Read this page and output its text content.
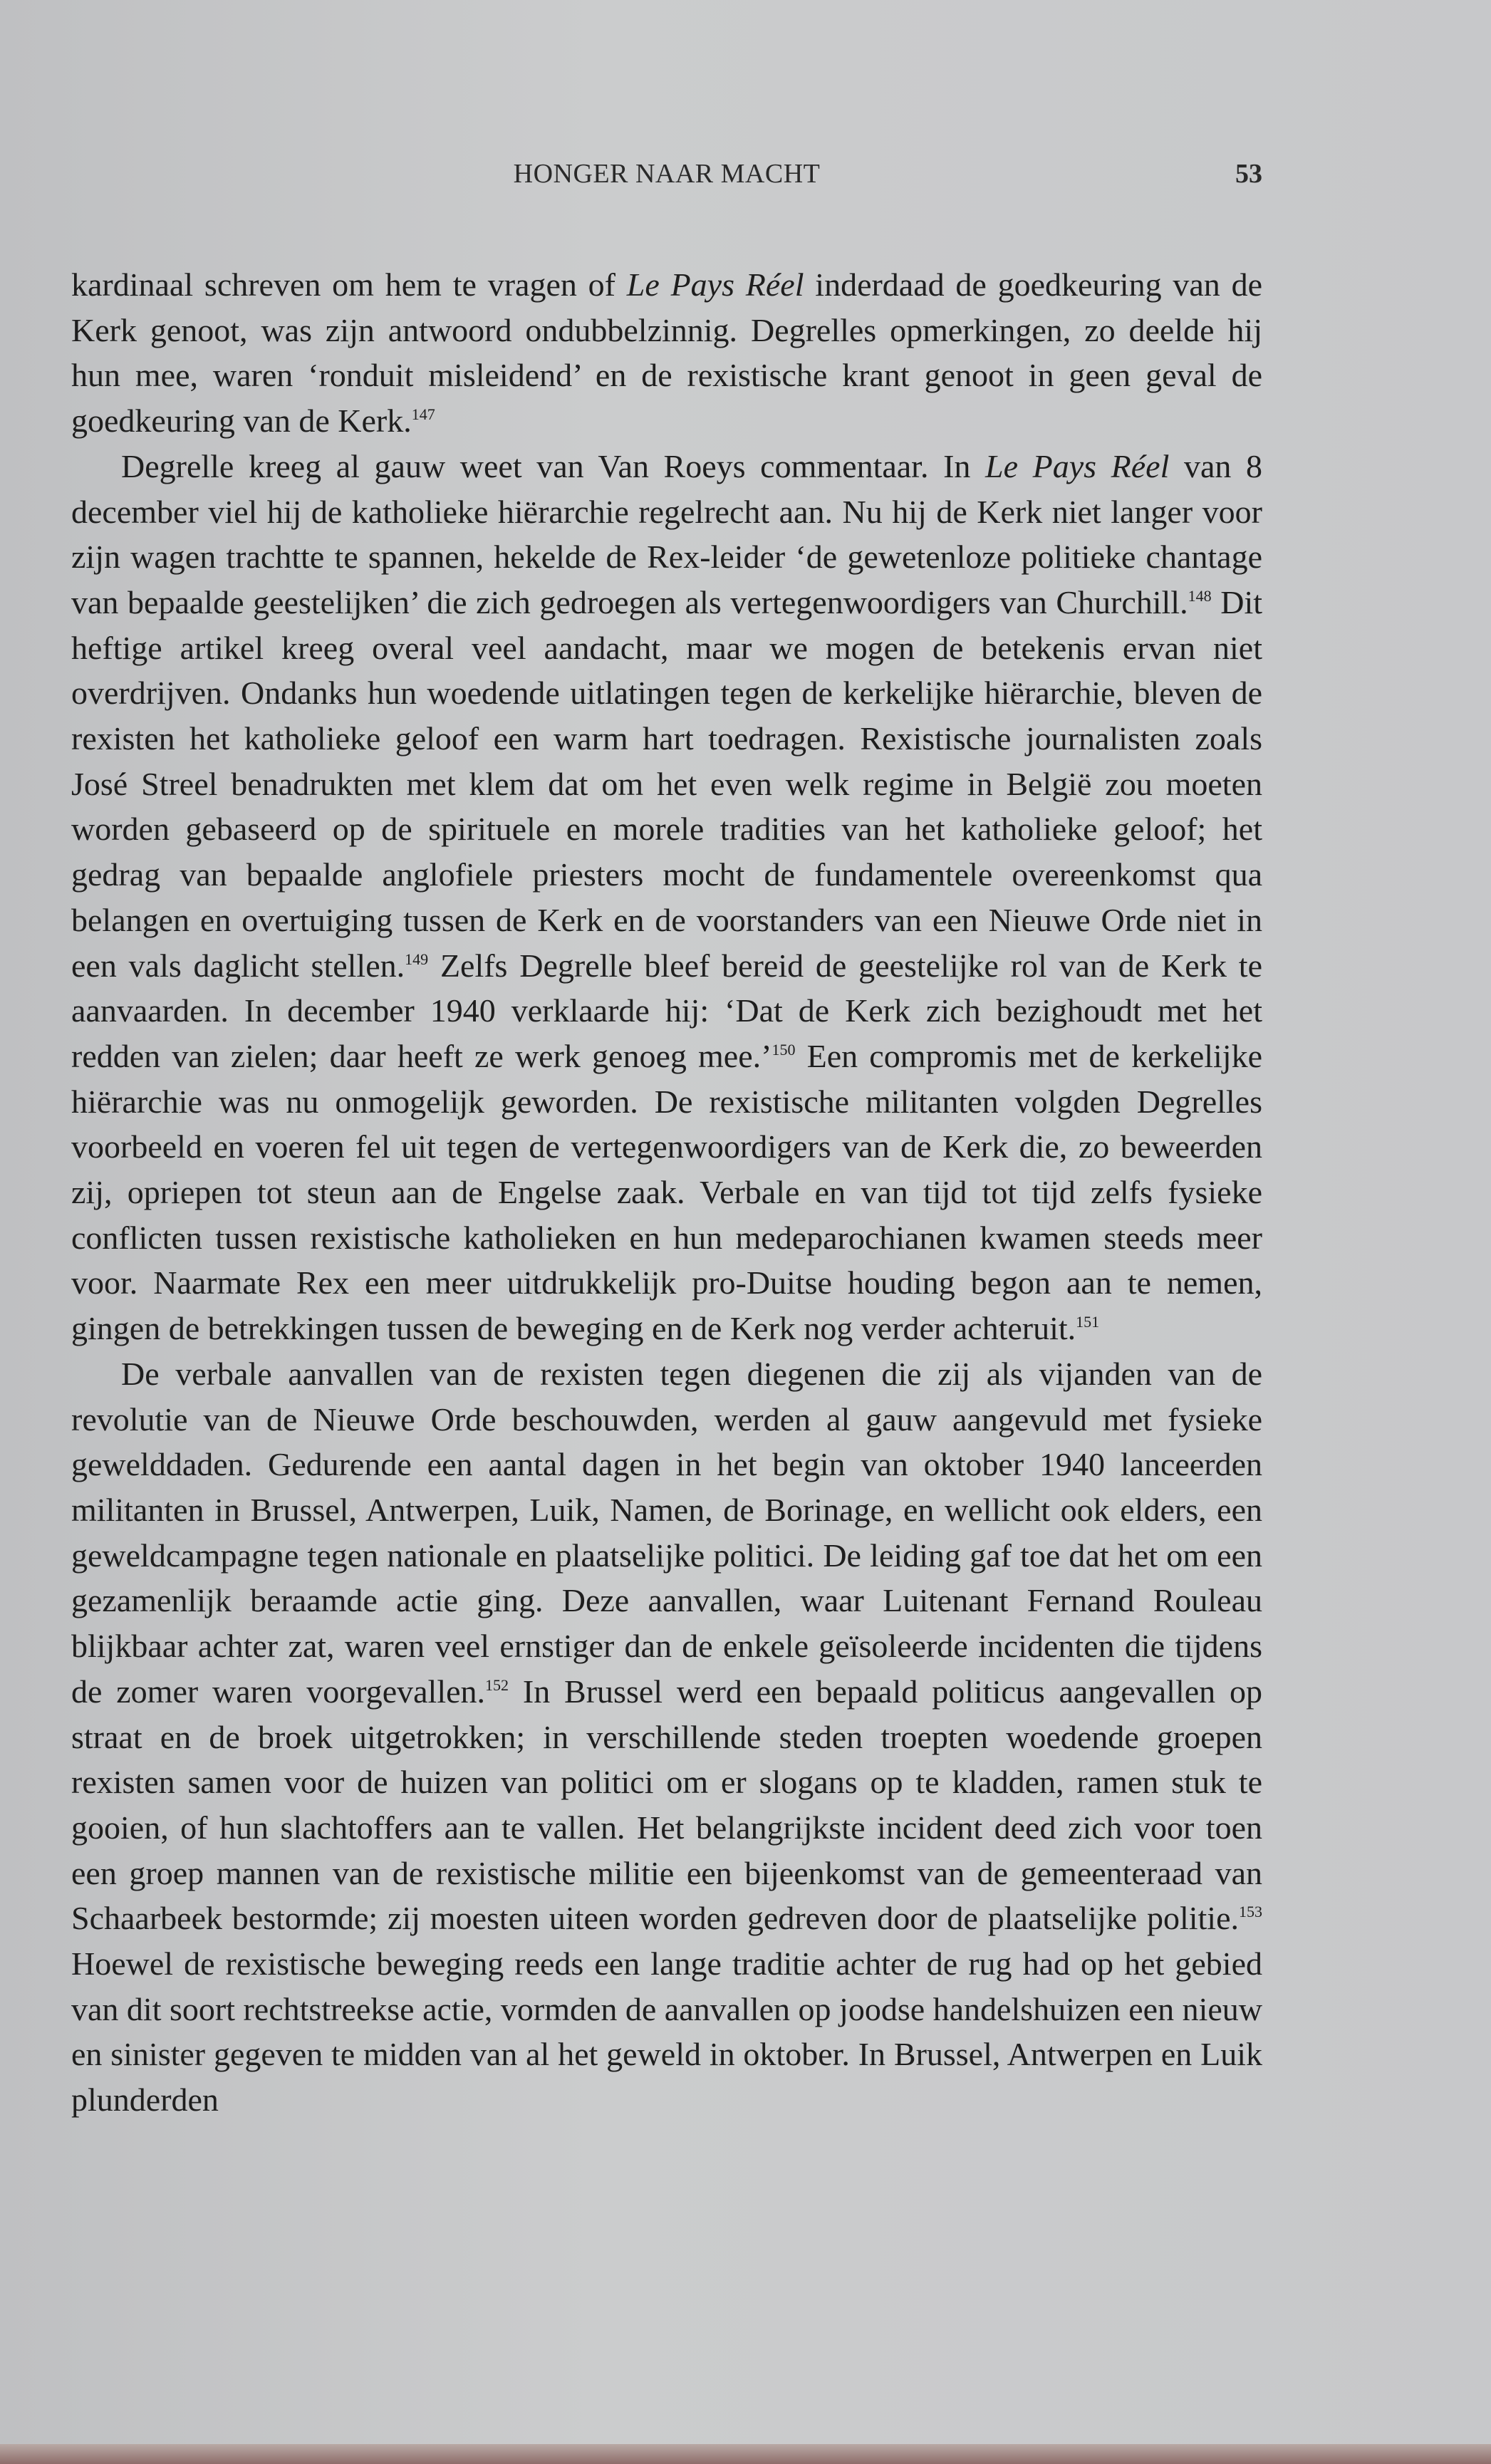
HONGER NAAR MACHT	53

kardinaal schreven om hem te vragen of Le Pays Réel inderdaad de goedkeuring van de Kerk genoot, was zijn antwoord ondubbelzinnig. Degrelles opmerkingen, zo deelde hij hun mee, waren ‘ronduit misleidend’ en de rexistische krant genoot in geen geval de goedkeuring van de Kerk.$^{147}$

Degrelle kreeg al gauw weet van Van Roeys commentaar. In Le Pays Réel van 8 december viel hij de katholieke hiërarchie regelrecht aan. Nu hij de Kerk niet langer voor zijn wagen trachtte te spannen, hekelde de Rex-leider ‘de gewetenloze politieke chantage van bepaalde geestelijken’ die zich gedroegen als vertegenwoordigers van Churchill.$^{148}$ Dit heftige artikel kreeg overal veel aandacht, maar we mogen de betekenis ervan niet overdrijven. Ondanks hun woedende uitlatingen tegen de kerkelijke hiërarchie, bleven de rexisten het katholieke geloof een warm hart toedragen. Rexistische journalisten zoals José Streel benadrukten met klem dat om het even welk regime in België zou moeten worden gebaseerd op de spirituele en morele tradities van het katholieke geloof; het gedrag van bepaalde anglofiele priesters mocht de fundamentele overeenkomst qua belangen en overtuiging tussen de Kerk en de voorstanders van een Nieuwe Orde niet in een vals daglicht stellen.$^{149}$ Zelfs Degrelle bleef bereid de geestelijke rol van de Kerk te aanvaarden. In december 1940 verklaarde hij: ‘Dat de Kerk zich bezighoudt met het redden van zielen; daar heeft ze werk genoeg mee.’$^{150}$ Een compromis met de kerkelijke hiërarchie was nu onmogelijk geworden. De rexistische militanten volgden Degrelles voorbeeld en voeren fel uit tegen de vertegenwoordigers van de Kerk die, zo beweerden zij, opriepen tot steun aan de Engelse zaak. Verbale en van tijd tot tijd zelfs fysieke conflicten tussen rexistische katholieken en hun medeparochianen kwamen steeds meer voor. Naarmate Rex een meer uitdrukkelijk pro-Duitse houding begon aan te nemen, gingen de betrekkingen tussen de beweging en de Kerk nog verder achteruit.$^{151}$

De verbale aanvallen van de rexisten tegen diegenen die zij als vijanden van de revolutie van de Nieuwe Orde beschouwden, werden al gauw aangevuld met fysieke gewelddaden. Gedurende een aantal dagen in het begin van oktober 1940 lanceerden militanten in Brussel, Antwerpen, Luik, Namen, de Borinage, en wellicht ook elders, een geweldcampagne tegen nationale en plaatselijke politici. De leiding gaf toe dat het om een gezamenlijk beraamde actie ging. Deze aanvallen, waar Luitenant Fernand Rouleau blijkbaar achter zat, waren veel ernstiger dan de enkele geïsoleerde incidenten die tijdens de zomer waren voorgevallen.$^{152}$ In Brussel werd een bepaald politicus aangevallen op straat en de broek uitgetrokken; in verschillende steden troepten woedende groepen rexisten samen voor de huizen van politici om er slogans op te kladden, ramen stuk te gooien, of hun slachtoffers aan te vallen. Het belangrijkste incident deed zich voor toen een groep mannen van de rexistische militie een bijeenkomst van de gemeenteraad van Schaarbeek bestormde; zij moesten uiteen worden gedreven door de plaatselijke politie.$^{153}$ Hoewel de rexistische beweging reeds een lange traditie achter de rug had op het gebied van dit soort rechtstreekse actie, vormden de aanvallen op joodse handelshuizen een nieuw en sinister gegeven te midden van al het geweld in oktober. In Brussel, Antwerpen en Luik plunderden
